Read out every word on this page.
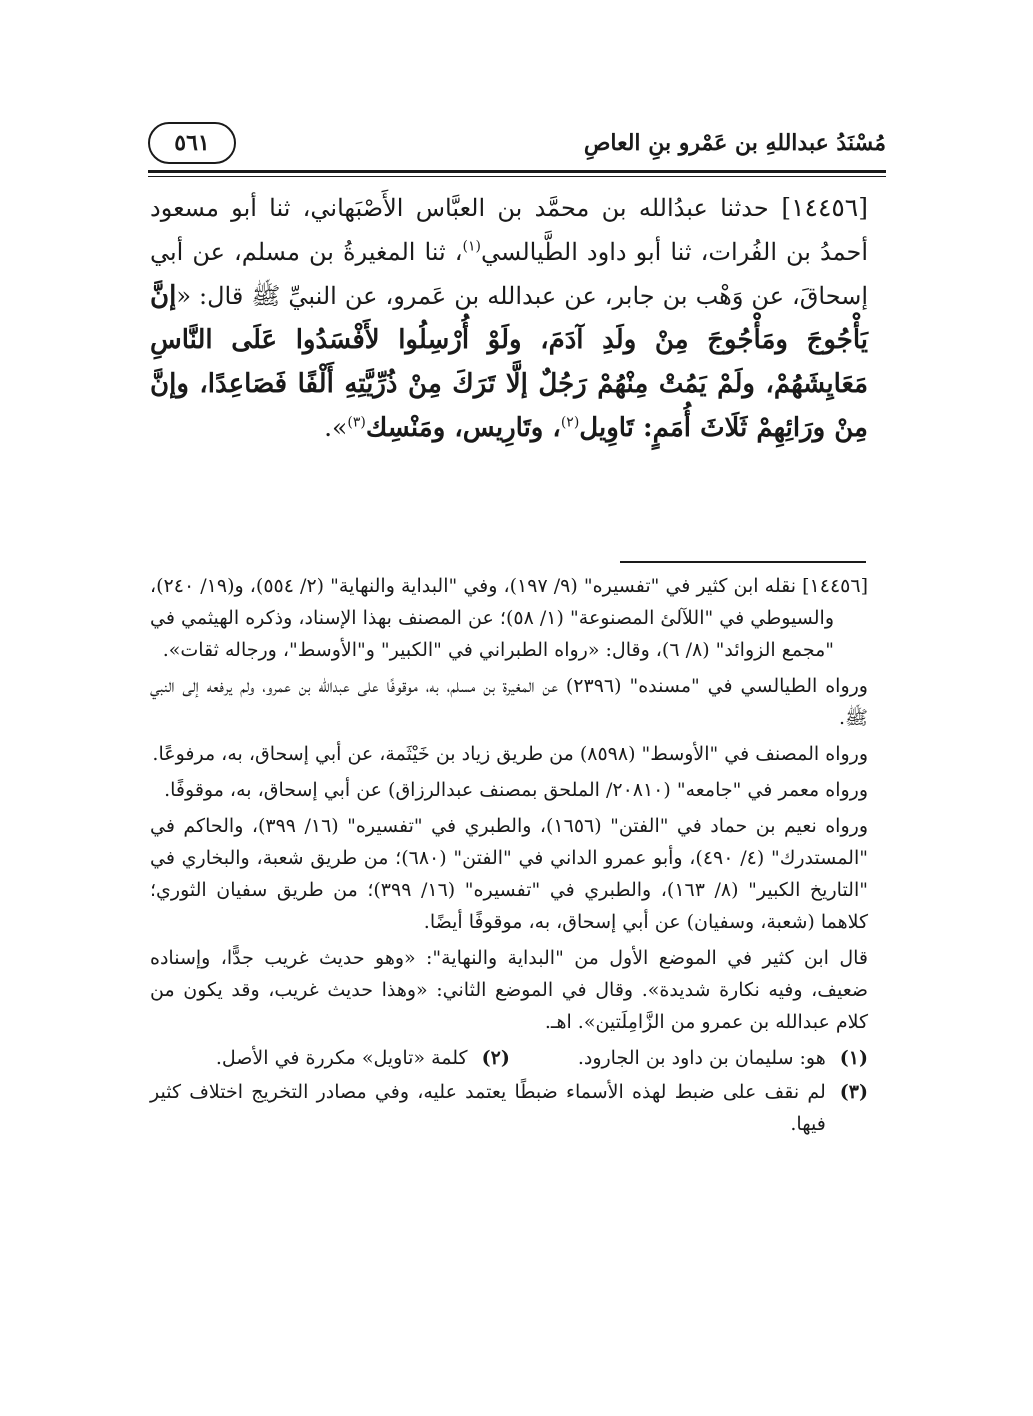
مُسْنَدُ عبداللهِ بن عَمْرو بنِ العاصِ
٥٦١
[١٤٤٥٦] حدثنا عبدُالله بن محمَّد بن العبَّاس الأَصْبَهاني، ثنا أبو مسعود أحمدُ بن الفُرات، ثنا أبو داود الطَّيالسي$^{(١)}$، ثنا المغيرةُ بن مسلم، عن أبي إسحاقَ، عن وَهْب بن جابر، عن عبدالله بن عَمرو، عن النبيِّ ﷺ قال: «إنَّ يَأْجُوجَ ومَأْجُوجَ مِنْ ولَدِ آدَمَ، ولَوْ أُرْسِلُوا لأَفْسَدُوا عَلَى النَّاسِ مَعَايِشَهُمْ، ولَمْ يَمُتْ مِنْهُمْ رَجُلٌ إلَّا تَرَكَ مِنْ ذُرِّيَّتِهِ أَلْفًا فَصَاعِدًا، وإنَّ مِنْ ورَائِهِمْ ثَلَاثَ أُمَمٍ: تَاوِيل$^{(٢)}$، وتَارِيس، ومَنْسِك$^{(٣)}$».

[١٤٤٥٦] نقله ابن كثير في "تفسيره" (٩/ ١٩٧)، وفي "البداية والنهاية" (٢/ ٥٥٤)، و(١٩/ ٢٤٠)، والسيوطي في "اللآلئ المصنوعة" (١/ ٥٨)؛ عن المصنف بهذا الإسناد، وذكره الهيثمي في "مجمع الزوائد" (٨/ ٦)، وقال: «رواه الطبراني في "الكبير" و"الأوسط"، ورجاله ثقات».

ورواه الطيالسي في "مسنده" (٢٣٩٦) عن المغيرة بن مسلم، به، موقوفًا على عبدالله بن عمرو، ولم يرفعه إلى النبي ﷺ.

ورواه المصنف في "الأوسط" (٨٥٩٨) من طريق زياد بن خَيْثَمة، عن أبي إسحاق، به، مرفوعًا.

ورواه معمر في "جامعه" (٢٠٨١٠/ الملحق بمصنف عبدالرزاق) عن أبي إسحاق، به، موقوفًا.

ورواه نعيم بن حماد في "الفتن" (١٦٥٦)، والطبري في "تفسيره" (١٦/ ٣٩٩)، والحاكم في "المستدرك" (٤/ ٤٩٠)، وأبو عمرو الداني في "الفتن" (٦٨٠)؛ من طريق شعبة، والبخاري في "التاريخ الكبير" (٨/ ١٦٣)، والطبري في "تفسيره" (١٦/ ٣٩٩)؛ من طريق سفيان الثوري؛ كلاهما (شعبة، وسفيان) عن أبي إسحاق، به، موقوفًا أيضًا.

قال ابن كثير في الموضع الأول من "البداية والنهاية": «وهو حديث غريب جدًّا، وإسناده ضعيف، وفيه نكارة شديدة». وقال في الموضع الثاني: «وهذا حديث غريب، وقد يكون من كلام عبدالله بن عمرو من الزَّامِلَتين». اهـ.

(١)
هو: سليمان بن داود بن الجارود.
(٢)
كلمة «تاويل» مكررة في الأصل.
(٣)
لم نقف على ضبط لهذه الأسماء ضبطًا يعتمد عليه، وفي مصادر التخريج اختلاف كثير فيها.
